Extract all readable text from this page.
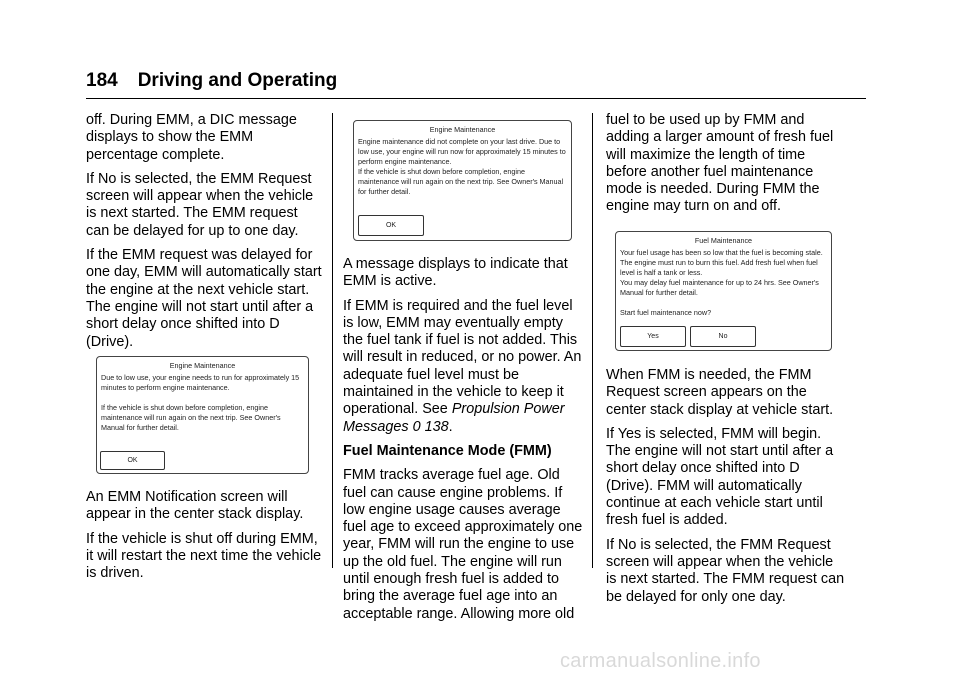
184 Driving and Operating

off. During EMM, a DIC message displays to show the EMM percentage complete.

If No is selected, the EMM Request screen will appear when the vehicle is next started. The EMM request can be delayed for up to one day.

If the EMM request was delayed for one day, EMM will automatically start the engine at the next vehicle start. The engine will not start until after a short delay once shifted into D (Drive).

Engine Maintenance
Due to low use, your engine needs to run for approximately 15 minutes to perform engine maintenance.

If the vehicle is shut down before completion, engine maintenance will run again on the next trip. See Owner's Manual for further detail.
OK

An EMM Notification screen will appear in the center stack display.

If the vehicle is shut off during EMM, it will restart the next time the vehicle is driven.

Engine Maintenance
Engine maintenance did not complete on your last drive. Due to low use, your engine will run now for approximately 15 minutes to perform engine maintenance.
If the vehicle is shut down before completion, engine maintenance will run again on the next trip. See Owner's Manual for further detail.
OK

A message displays to indicate that EMM is active.

If EMM is required and the fuel level is low, EMM may eventually empty the fuel tank if fuel is not added. This will result in reduced, or no power. An adequate fuel level must be maintained in the vehicle to keep it operational. See Propulsion Power Messages 0 138.

Fuel Maintenance Mode (FMM)

FMM tracks average fuel age. Old fuel can cause engine problems. If low engine usage causes average fuel age to exceed approximately one year, FMM will run the engine to use up the old fuel. The engine will run until enough fresh fuel is added to bring the average fuel age into an acceptable range. Allowing more old

fuel to be used up by FMM and adding a larger amount of fresh fuel will maximize the length of time before another fuel maintenance mode is needed. During FMM the engine may turn on and off.

Fuel Maintenance
Your fuel usage has been so low that the fuel is becoming stale. The engine must run to burn this fuel. Add fresh fuel when fuel level is half a tank or less.
You may delay fuel maintenance for up to 24 hrs. See Owner's Manual for further detail.

Start fuel maintenance now?
Yes	No

When FMM is needed, the FMM Request screen appears on the center stack display at vehicle start.

If Yes is selected, FMM will begin. The engine will not start until after a short delay once shifted into D (Drive). FMM will automatically continue at each vehicle start until fresh fuel is added.

If No is selected, the FMM Request screen will appear when the vehicle is next started. The FMM request can be delayed for only one day.

carmanualsonline.info
